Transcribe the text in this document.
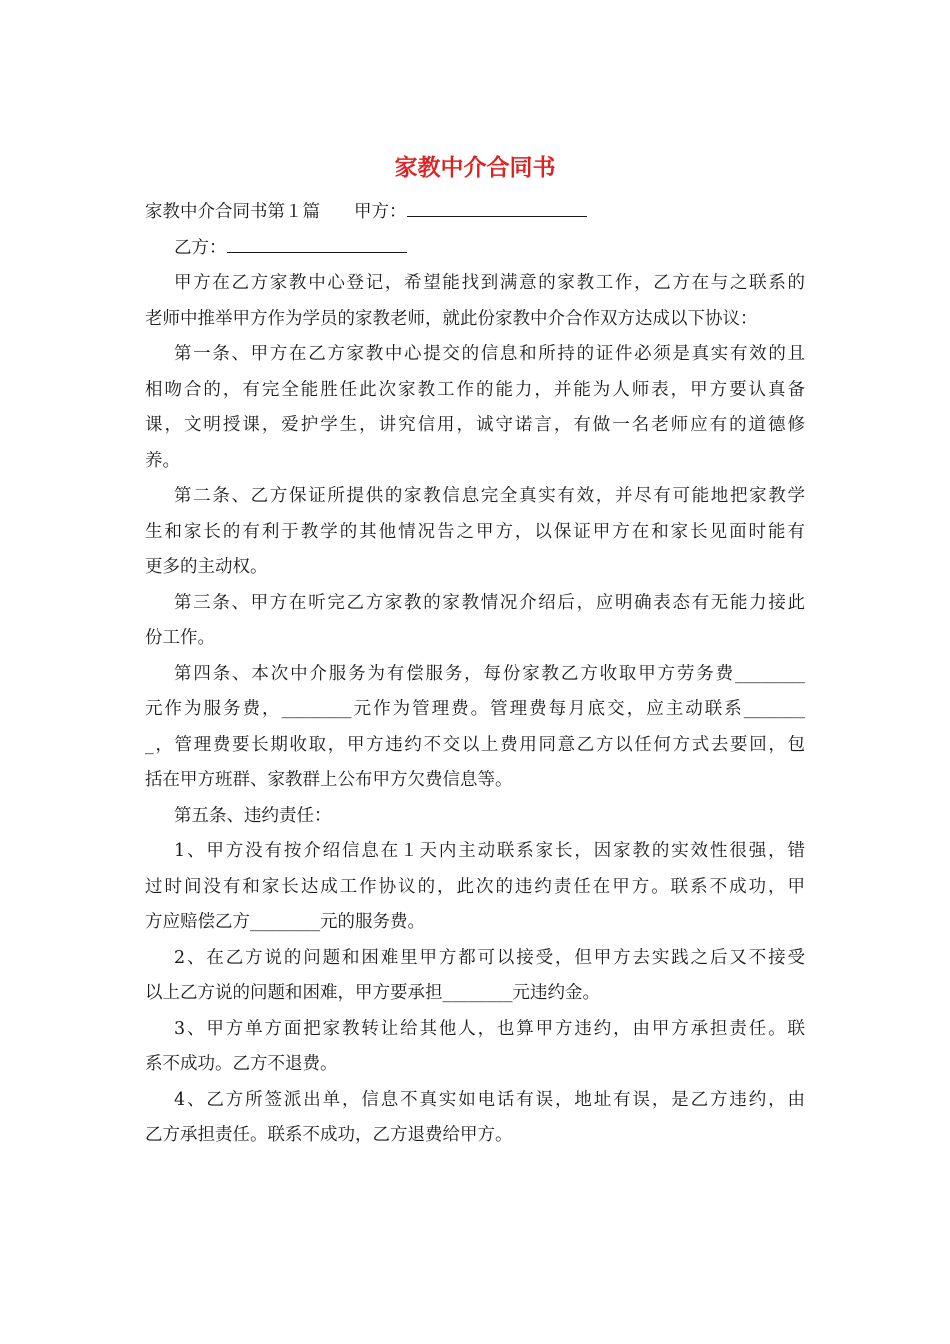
家教中介合同书
家教中介合同书第１篇 甲方：
乙方：
甲方在乙方家教中心登记，希望能找到满意的家教工作，乙方在与之联系的
老师中推举甲方作为学员的家教老师，就此份家教中介合作双方达成以下协议：
第一条、甲方在乙方家教中心提交的信息和所持的证件必须是真实有效的且
相吻合的，有完全能胜任此次家教工作的能力，并能为人师表，甲方要认真备
课，文明授课，爱护学生，讲究信用，诚守诺言，有做一名老师应有的道德修
养。
第二条、乙方保证所提供的家教信息完全真实有效，并尽有可能地把家教学
生和家长的有利于教学的其他情况告之甲方，以保证甲方在和家长见面时能有
更多的主动权。
第三条、甲方在听完乙方家教的家教情况介绍后，应明确表态有无能力接此
份工作。
第四条、本次中介服务为有偿服务，每份家教乙方收取甲方劳务费________
元作为服务费，________元作为管理费。管理费每月底交，应主动联系_______
_，管理费要长期收取，甲方违约不交以上费用同意乙方以任何方式去要回，包
括在甲方班群、家教群上公布甲方欠费信息等。
第五条、违约责任：
1、甲方没有按介绍信息在１天内主动联系家长，因家教的实效性很强，错
过时间没有和家长达成工作协议的，此次的违约责任在甲方。联系不成功，甲
方应赔偿乙方________元的服务费。
2、在乙方说的问题和困难里甲方都可以接受，但甲方去实践之后又不接受
以上乙方说的问题和困难，甲方要承担________元违约金。
3、甲方单方面把家教转让给其他人，也算甲方违约，由甲方承担责任。联
系不成功。乙方不退费。
4、乙方所签派出单，信息不真实如电话有误，地址有误，是乙方违约，由
乙方承担责任。联系不成功，乙方退费给甲方。
